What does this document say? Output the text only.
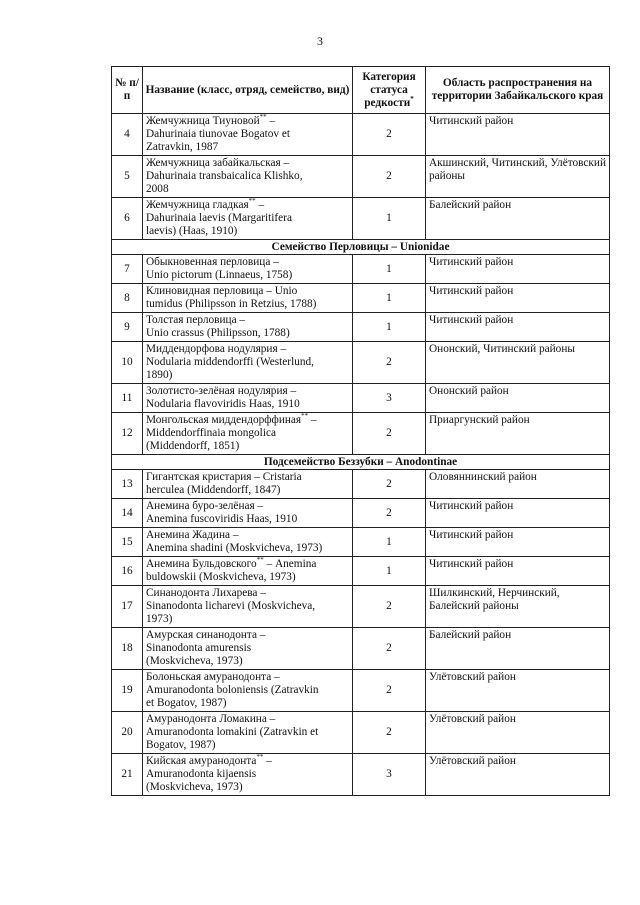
3
№ п/п	Название (класс, отряд, семейство, вид)	Категория статуса редкости*	Область распространения на территории Забайкальского края
4	Жемчужница Тиуновой** –
Dahurinaia tiunovae Bogatov et
Zatravkin, 1987	2	Читинский район
5	Жемчужница забайкальская –
Dahurinaia transbaicalica Klishko,
2008	2	Акшинский, Читинский, Улётовский районы
6	Жемчужница гладкая** –
Dahurinaia laevis (Margaritifera
laevis) (Haas, 1910)	1	Балейский район
Семейство Перловицы – Unionidae			
7	Обыкновенная перловица –
Unio pictorum (Linnaeus, 1758)	1	Читинский район
8	Клиновидная перловица – Unio
tumidus (Philipsson in Retzius, 1788)	1	Читинский район
9	Толстая перловица –
Unio crassus (Philipsson, 1788)	1	Читинский район
10	Миддендорфова нодулярия –
Nodularia middendorffi (Westerlund,
1890)	2	Ононский, Читинский районы
11	Золотисто-зелёная нодулярия –
Nodularia flavoviridis Haas, 1910	3	Ононский район
12	Монгольская миддендорффиная** –
Middendorffinaia mongolica
(Middendorff, 1851)	2	Приаргунский район
Подсемейство Беззубки – Anodontinae			
13	Гигантская кристария – Cristaria
herculea (Middendorff, 1847)	2	Оловяннинский район
14	Анемина буро-зелёная –
Anemina fuscoviridis Haas, 1910	2	Читинский район
15	Анемина Жадина –
Anemina shadini (Moskvicheva, 1973)	1	Читинский район
16	Анемина Бульдовского** – Anemina
buldowskii (Moskvicheva, 1973)	1	Читинский район
17	Синанодонта Лихарева –
Sinanodonta licharevi (Moskvicheva,
1973)	2	Шилкинский, Нерчинский, Балейский районы
18	Амурская синанодонта –
Sinanodonta amurensis
(Moskvicheva, 1973)	2	Балейский район
19	Болоньская амуранодонта –
Amuranodonta boloniensis (Zatravkin
et Bogatov, 1987)	2	Улётовский район
20	Амуранодонта Ломакина –
Amuranodonta lomakini (Zatravkin et
Bogatov, 1987)	2	Улётовский район
21	Кийская амуранодонта** –
Amuranodonta kijaensis
(Moskvicheva, 1973)	3	Улётовский район
